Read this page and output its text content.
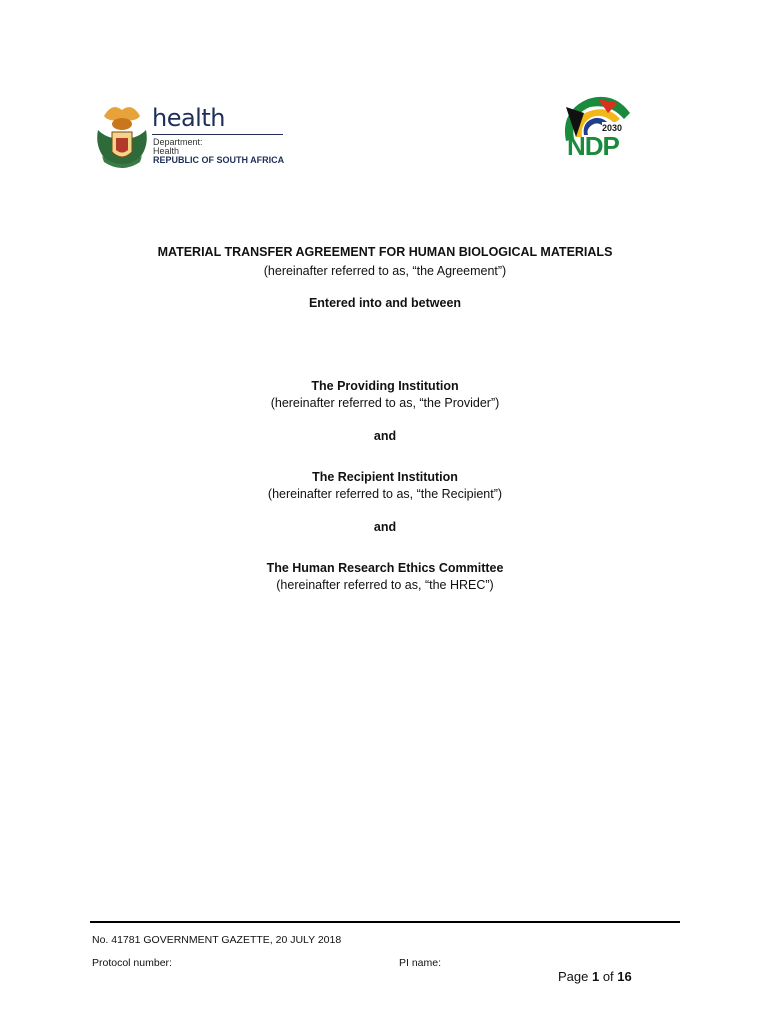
health
Department:
Health
REPUBLIC OF SOUTH AFRICA
2030
NDP
MATERIAL TRANSFER AGREEMENT FOR HUMAN BIOLOGICAL MATERIALS
(hereinafter referred to as, “the Agreement”)
Entered into and between
The Providing Institution
(hereinafter referred to as, “the Provider”)
and
The Recipient Institution
(hereinafter referred to as, “the Recipient”)
and
The Human Research Ethics Committee
(hereinafter referred to as, “the HREC”)
No. 41781 GOVERNMENT GAZETTE, 20 JULY 2018
Protocol number:	PI name:
Page 1 of 16
